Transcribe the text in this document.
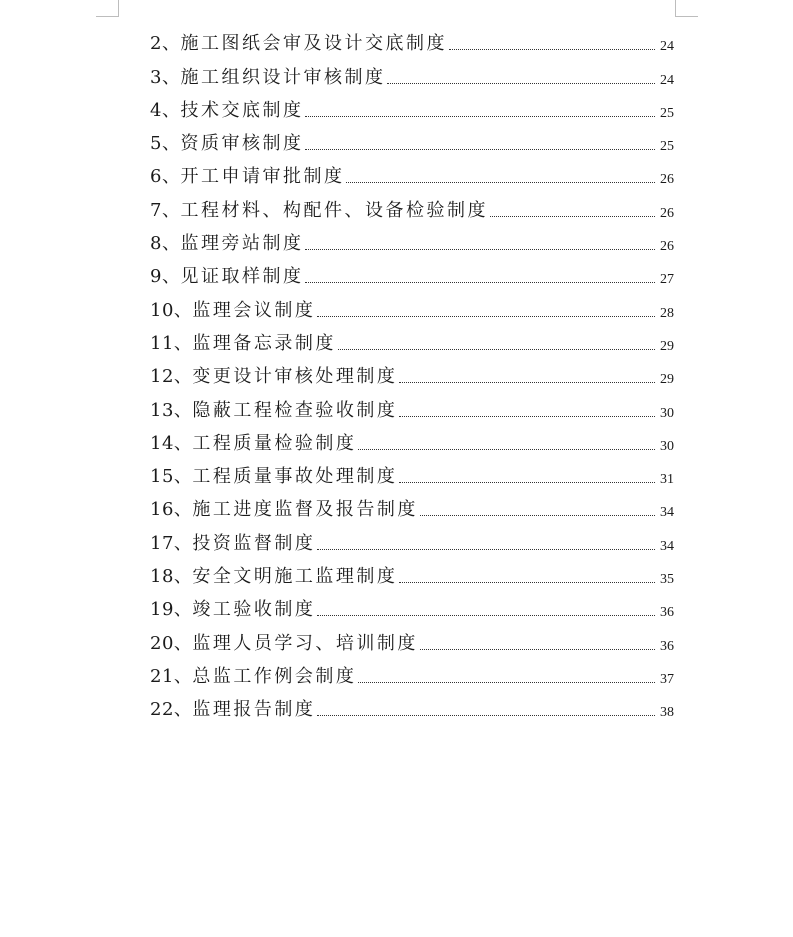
2、 施工图纸会审及设计交底制度	24
3、 施工组织设计审核制度	24
4、 技术交底制度	25
5、 资质审核制度	25
6、 开工申请审批制度	26
7、 工程材料、构配件、设备检验制度	26
8、 监理旁站制度	26
9、 见证取样制度	27
10、 监理会议制度	28
11、 监理备忘录制度	29
12、 变更设计审核处理制度	29
13、 隐蔽工程检查验收制度	30
14、 工程质量检验制度	30
15、 工程质量事故处理制度	31
16、 施工进度监督及报告制度	34
17、 投资监督制度	34
18、 安全文明施工监理制度	35
19、 竣工验收制度	36
20、 监理人员学习、培训制度	36
21、 总监工作例会制度	37
22、 监理报告制度	38
